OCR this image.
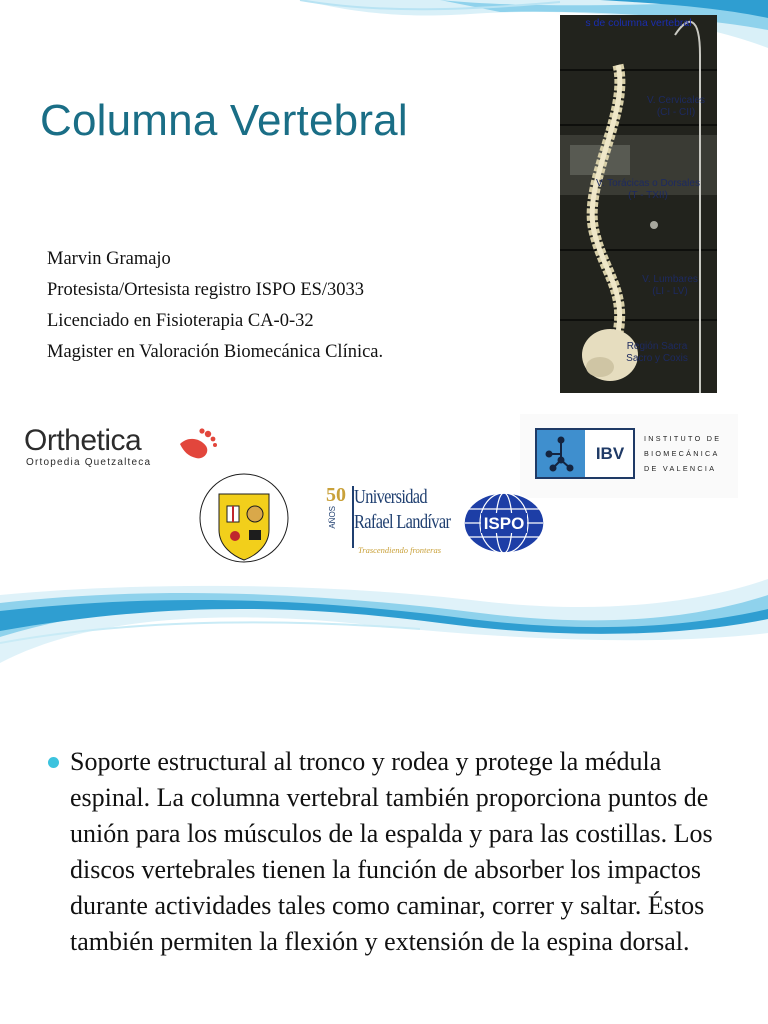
Columna Vertebral
Marvin Gramajo
Protesista/Ortesista registro ISPO ES/3033
Licenciado en Fisioterapia CA-0-32
Magister en Valoración Biomecánica Clínica.
s de columna vertebral
V. Cervicales
(CI - CII)
V. Torácicas o Dorsales
(T - TXII)
V. Lumbares
(LI - LV)
Región Sacra
Sacro y Coxis
Orthetica
Ortopedia Quetzalteca	IBV
INSTITUTO DE
BIOMECÁNICA
DE VALENCIA
50
AÑOS
Universidad
Rafael Landívar
Trascendiendo fronteras
ISPO
Soporte estructural al tronco y rodea y protege la médula espinal. La columna vertebral también proporciona puntos de unión para los músculos de la espalda y para las costillas. Los discos vertebrales tienen la función de absorber los impactos durante actividades tales como caminar, correr y saltar. Éstos también permiten la flexión y extensión de la espina dorsal.
